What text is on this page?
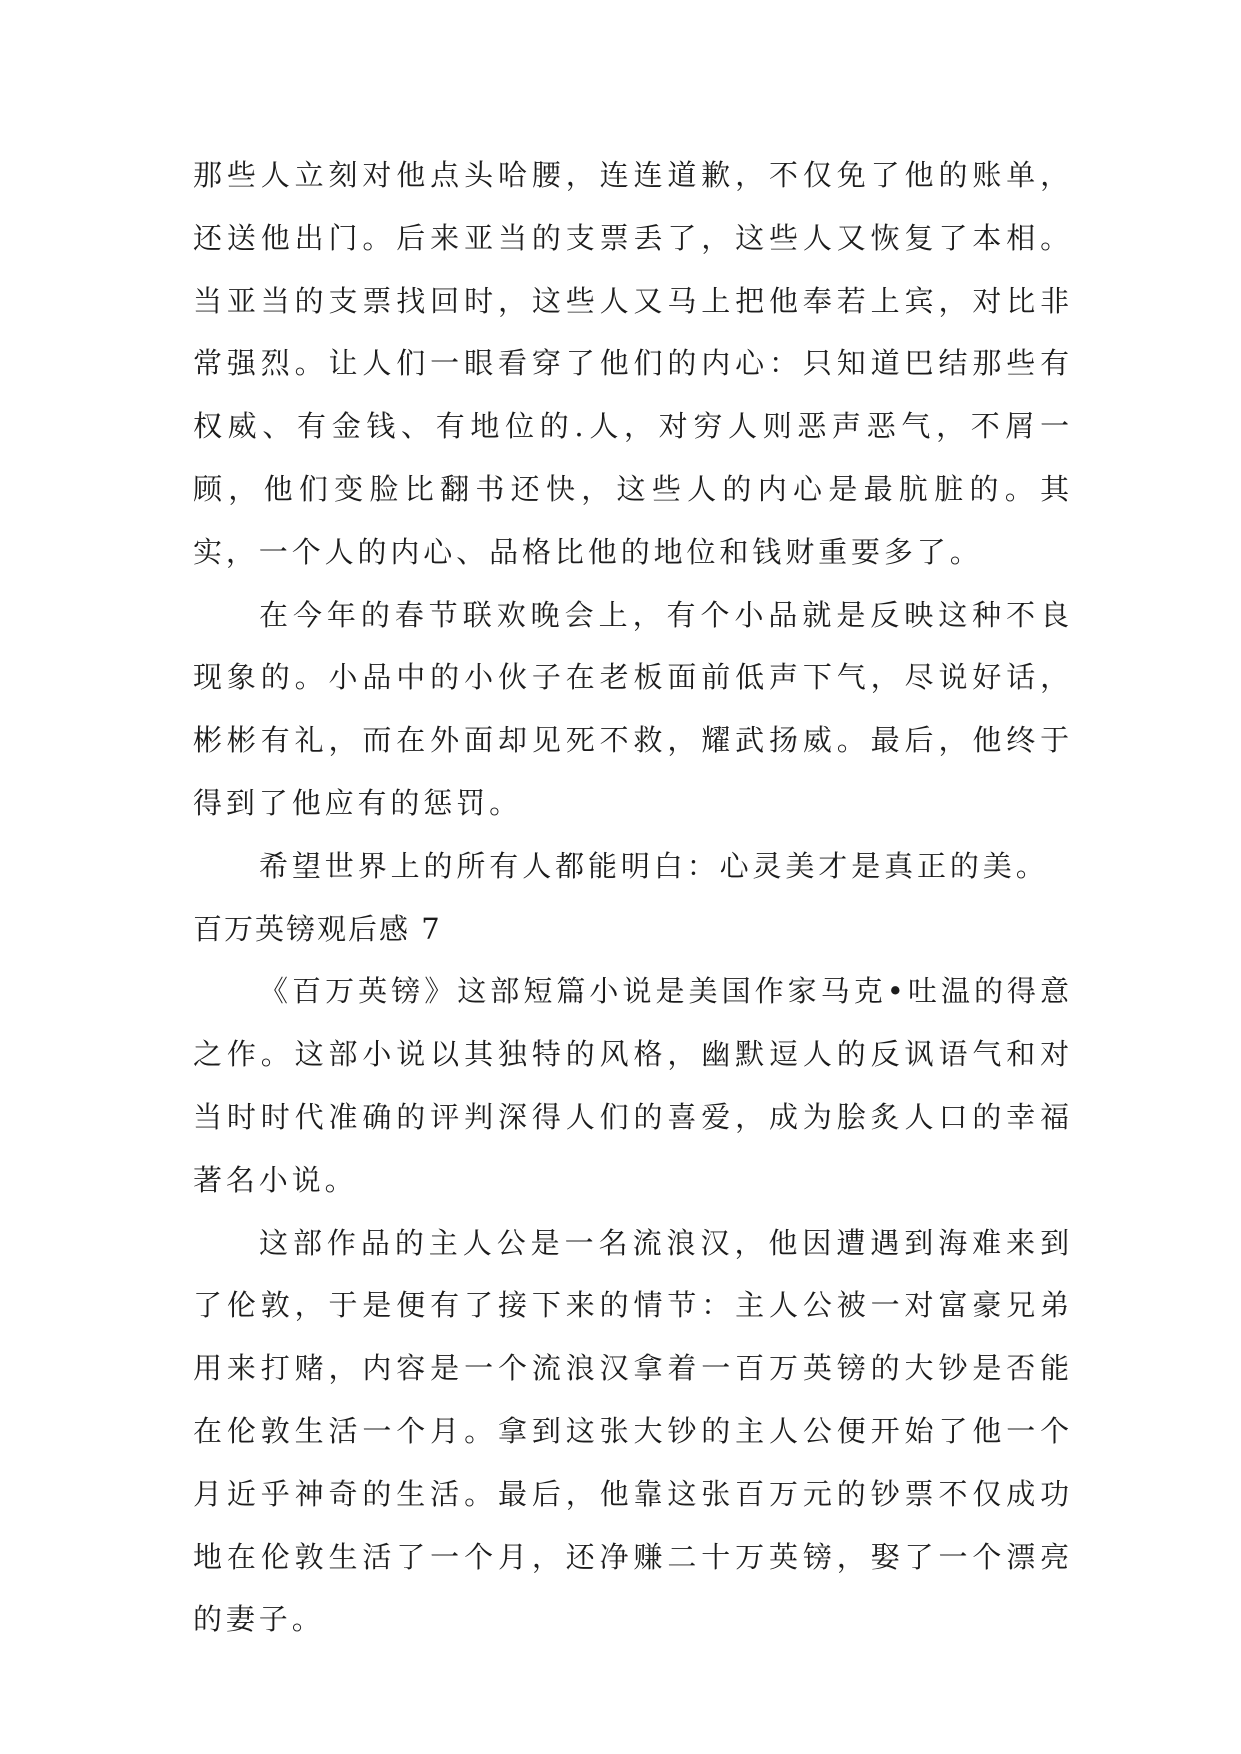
那些人立刻对他点头哈腰，连连道歉，不仅免了他的账单，还送他出门。后来亚当的支票丢了，这些人又恢复了本相。当亚当的支票找回时，这些人又马上把他奉若上宾，对比非常强烈。让人们一眼看穿了他们的内心：只知道巴结那些有权威、有金钱、有地位的.人，对穷人则恶声恶气，不屑一顾，他们变脸比翻书还快，这些人的内心是最肮脏的。其实，一个人的内心、品格比他的地位和钱财重要多了。

在今年的春节联欢晚会上，有个小品就是反映这种不良现象的。小品中的小伙子在老板面前低声下气，尽说好话，彬彬有礼，而在外面却见死不救，耀武扬威。最后，他终于得到了他应有的惩罚。

希望世界上的所有人都能明白：心灵美才是真正的美。

百万英镑观后感 7

《百万英镑》这部短篇小说是美国作家马克•吐温的得意之作。这部小说以其独特的风格，幽默逗人的反讽语气和对当时时代准确的评判深得人们的喜爱，成为脍炙人口的幸福著名小说。

这部作品的主人公是一名流浪汉，他因遭遇到海难来到了伦敦，于是便有了接下来的情节：主人公被一对富豪兄弟用来打赌，内容是一个流浪汉拿着一百万英镑的大钞是否能在伦敦生活一个月。拿到这张大钞的主人公便开始了他一个月近乎神奇的生活。最后，他靠这张百万元的钞票不仅成功地在伦敦生活了一个月，还净赚二十万英镑，娶了一个漂亮的妻子。
